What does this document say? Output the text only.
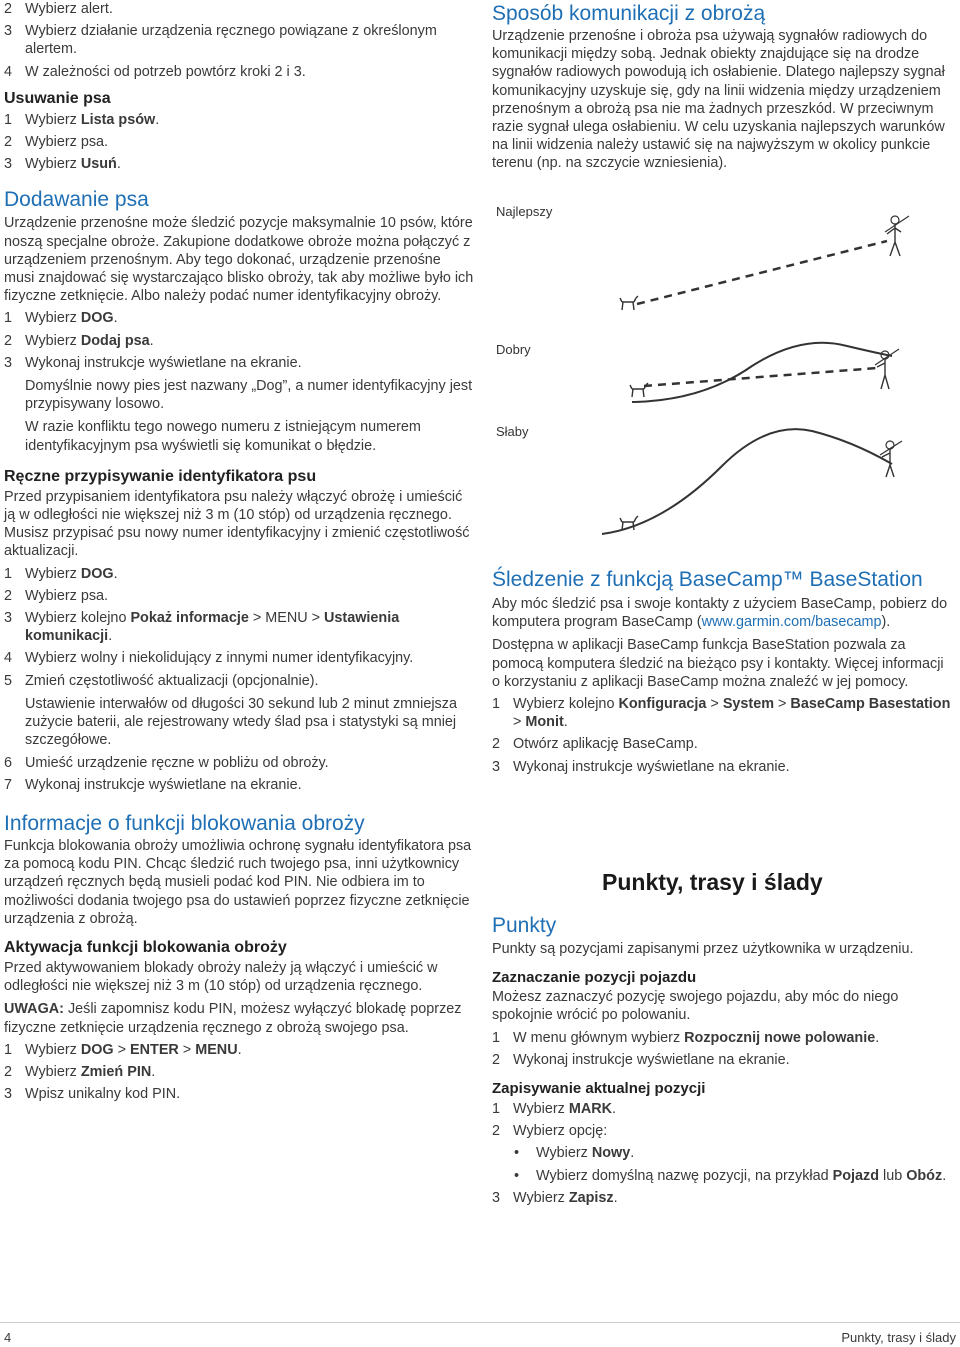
2 Wybierz alert.
3 Wybierz działanie urządzenia ręcznego powiązane z określonym alertem.
4 W zależności od potrzeb powtórz kroki 2 i 3.
Usuwanie psa
1 Wybierz Lista psów.
2 Wybierz psa.
3 Wybierz Usuń.
Dodawanie psa

Urządzenie przenośne może śledzić pozycje maksymalnie 10 psów, które noszą specjalne obroże. Zakupione dodatkowe obroże można połączyć z urządzeniem przenośnym. Aby tego dokonać, urządzenie przenośne musi znajdować się wystarczająco blisko obroży, tak aby możliwe było ich fizyczne zetknięcie. Albo należy podać numer identyfikacyjny obroży.

1 Wybierz DOG.
2 Wybierz Dodaj psa.
3 Wykonaj instrukcje wyświetlane na ekranie.
Domyślnie nowy pies jest nazwany „Dog”, a numer identyfikacyjny jest przypisywany losowo.
W razie konfliktu tego nowego numeru z istniejącym numerem identyfikacyjnym psa wyświetli się komunikat o błędzie.
Ręczne przypisywanie identyfikatora psu

Przed przypisaniem identyfikatora psu należy włączyć obrożę i umieścić ją w odległości nie większej niż 3 m (10 stóp) od urządzenia ręcznego. Musisz przypisać psu nowy numer identyfikacyjny i zmienić częstotliwość aktualizacji.

1 Wybierz DOG.
2 Wybierz psa.
3 Wybierz kolejno Pokaż informacje > MENU > Ustawienia komunikacji.
4 Wybierz wolny i niekolidujący z innymi numer identyfikacyjny.
5 Zmień częstotliwość aktualizacji (opcjonalnie).
Ustawienie interwałów od długości 30 sekund lub 2 minut zmniejsza zużycie baterii, ale rejestrowany wtedy ślad psa i statystyki są mniej szczegółowe.
6 Umieść urządzenie ręczne w pobliżu od obroży.
7 Wykonaj instrukcje wyświetlane na ekranie.
Informacje o funkcji blokowania obroży

Funkcja blokowania obroży umożliwia ochronę sygnału identyfikatora psa za pomocą kodu PIN. Chcąc śledzić ruch twojego psa, inni użytkownicy urządzeń ręcznych będą musieli podać kod PIN. Nie odbiera im to możliwości dodania twojego psa do ustawień poprzez fizyczne zetknięcie urządzenia z obrożą.

Aktywacja funkcji blokowania obroży

Przed aktywowaniem blokady obroży należy ją włączyć i umieścić w odległości nie większej niż 3 m (10 stóp) od urządzenia ręcznego.

UWAGA: Jeśli zapomnisz kodu PIN, możesz wyłączyć blokadę poprzez fizyczne zetknięcie urządzenia ręcznego z obrożą swojego psa.

1 Wybierz DOG > ENTER > MENU.
2 Wybierz Zmień PIN.
3 Wpisz unikalny kod PIN.
Sposób komunikacji z obrożą

Urządzenie przenośne i obroża psa używają sygnałów radiowych do komunikacji między sobą. Jednak obiekty znajdujące się na drodze sygnałów radiowych powodują ich osłabienie. Dlatego najlepszy sygnał komunikacyjny uzyskuje się, gdy na linii widzenia między urządzeniem przenośnym a obrożą psa nie ma żadnych przeszkód. W przeciwnym razie sygnał ulega osłabieniu. W celu uzyskania najlepszych warunków na linii widzenia należy ustawić się na najwyższym w okolicy punkcie terenu (np. na szczycie wzniesienia).

Najlepszy
Dobry
Słaby
Śledzenie z funkcją BaseCamp™ BaseStation

Aby móc śledzić psa i swoje kontakty z użyciem BaseCamp, pobierz do komputera program BaseCamp (www.garmin.com/basecamp).

Dostępna w aplikacji BaseCamp funkcja BaseStation pozwala za pomocą komputera śledzić na bieżąco psy i kontakty. Więcej informacji o korzystaniu z aplikacji BaseCamp można znaleźć w jej pomocy.

1 Wybierz kolejno Konfiguracja > System > BaseCamp Basestation > Monit.
2 Otwórz aplikację BaseCamp.
3 Wykonaj instrukcje wyświetlane na ekranie.
Punkty, trasy i ślady
Punkty

Punkty są pozycjami zapisanymi przez użytkownika w urządzeniu.

Zaznaczanie pozycji pojazdu

Możesz zaznaczyć pozycję swojego pojazdu, aby móc do niego spokojnie wrócić po polowaniu.

1 W menu głównym wybierz Rozpocznij nowe polowanie.
2 Wykonaj instrukcje wyświetlane na ekranie.
Zapisywanie aktualnej pozycji
1 Wybierz MARK.
2 Wybierz opcję:
•	Wybierz Nowy.
•	Wybierz domyślną nazwę pozycji, na przykład Pojazd lub Obóz.
3 Wybierz Zapisz.
4	Punkty, trasy i ślady
